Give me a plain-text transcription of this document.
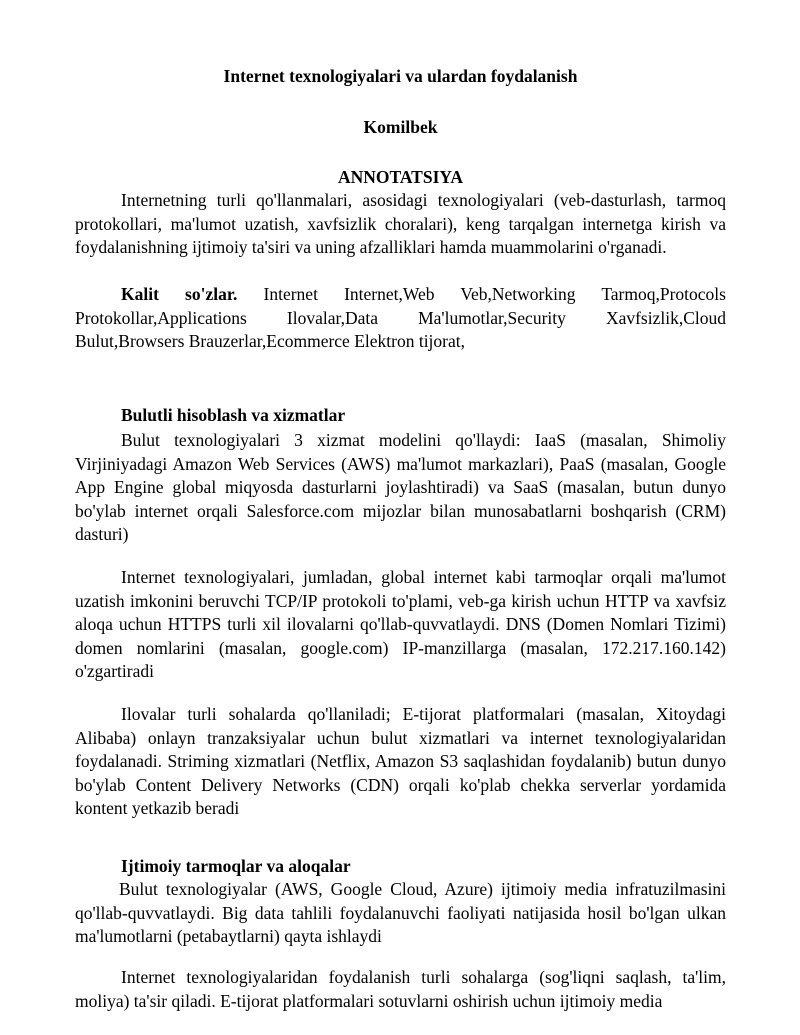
Internet texnologiyalari va ulardan foydalanish

Komilbek

ANNOTATSIYA

Internetning turli qo'llanmalari, asosidagi texnologiyalari (veb-dasturlash, tarmoq protokollari, ma'lumot uzatish, xavfsizlik choralari), keng tarqalgan internetga kirish va foydalanishning ijtimoiy ta'siri va uning afzalliklari hamda muammolarini o'rganadi.

Kalit so'zlar. Internet Internet,Web Veb,Networking Tarmoq,Protocols Protokollar,Applications Ilovalar,Data Ma'lumotlar,Security Xavfsizlik,Cloud Bulut,Browsers Brauzerlar,Ecommerce Elektron tijorat,

Bulutli hisoblash va xizmatlar

Bulut texnologiyalari 3 xizmat modelini qo'llaydi: IaaS (masalan, Shimoliy Virjiniyadagi Amazon Web Services (AWS) ma'lumot markazlari), PaaS (masalan, Google App Engine global miqyosda dasturlarni joylashtiradi) va SaaS (masalan, butun dunyo bo'ylab internet orqali Salesforce.com mijozlar bilan munosabatlarni boshqarish (CRM) dasturi)

Internet texnologiyalari, jumladan, global internet kabi tarmoqlar orqali ma'lumot uzatish imkonini beruvchi TCP/IP protokoli to'plami, veb-ga kirish uchun HTTP va xavfsiz aloqa uchun HTTPS turli xil ilovalarni qo'llab-quvvatlaydi. DNS (Domen Nomlari Tizimi) domen nomlarini (masalan, google.com) IP-manzillarga (masalan, 172.217.160.142) o'zgartiradi

Ilovalar turli sohalarda qo'llaniladi; E-tijorat platformalari (masalan, Xitoydagi Alibaba) onlayn tranzaksiyalar uchun bulut xizmatlari va internet texnologiyalaridan foydalanadi. Striming xizmatlari (Netflix, Amazon S3 saqlashidan foydalanib) butun dunyo bo'ylab Content Delivery Networks (CDN) orqali ko'plab chekka serverlar yordamida kontent yetkazib beradi

Ijtimoiy tarmoqlar va aloqalar

Bulut texnologiyalar (AWS, Google Cloud, Azure) ijtimoiy media infratuzilmasini qo'llab-quvvatlaydi. Big data tahlili foydalanuvchi faoliyati natijasida hosil bo'lgan ulkan ma'lumotlarni (petabaytlarni) qayta ishlaydi

Internet texnologiyalaridan foydalanish turli sohalarga (sog'liqni saqlash, ta'lim, moliya) ta'sir qiladi. E-tijorat platformalari sotuvlarni oshirish uchun ijtimoiy media
